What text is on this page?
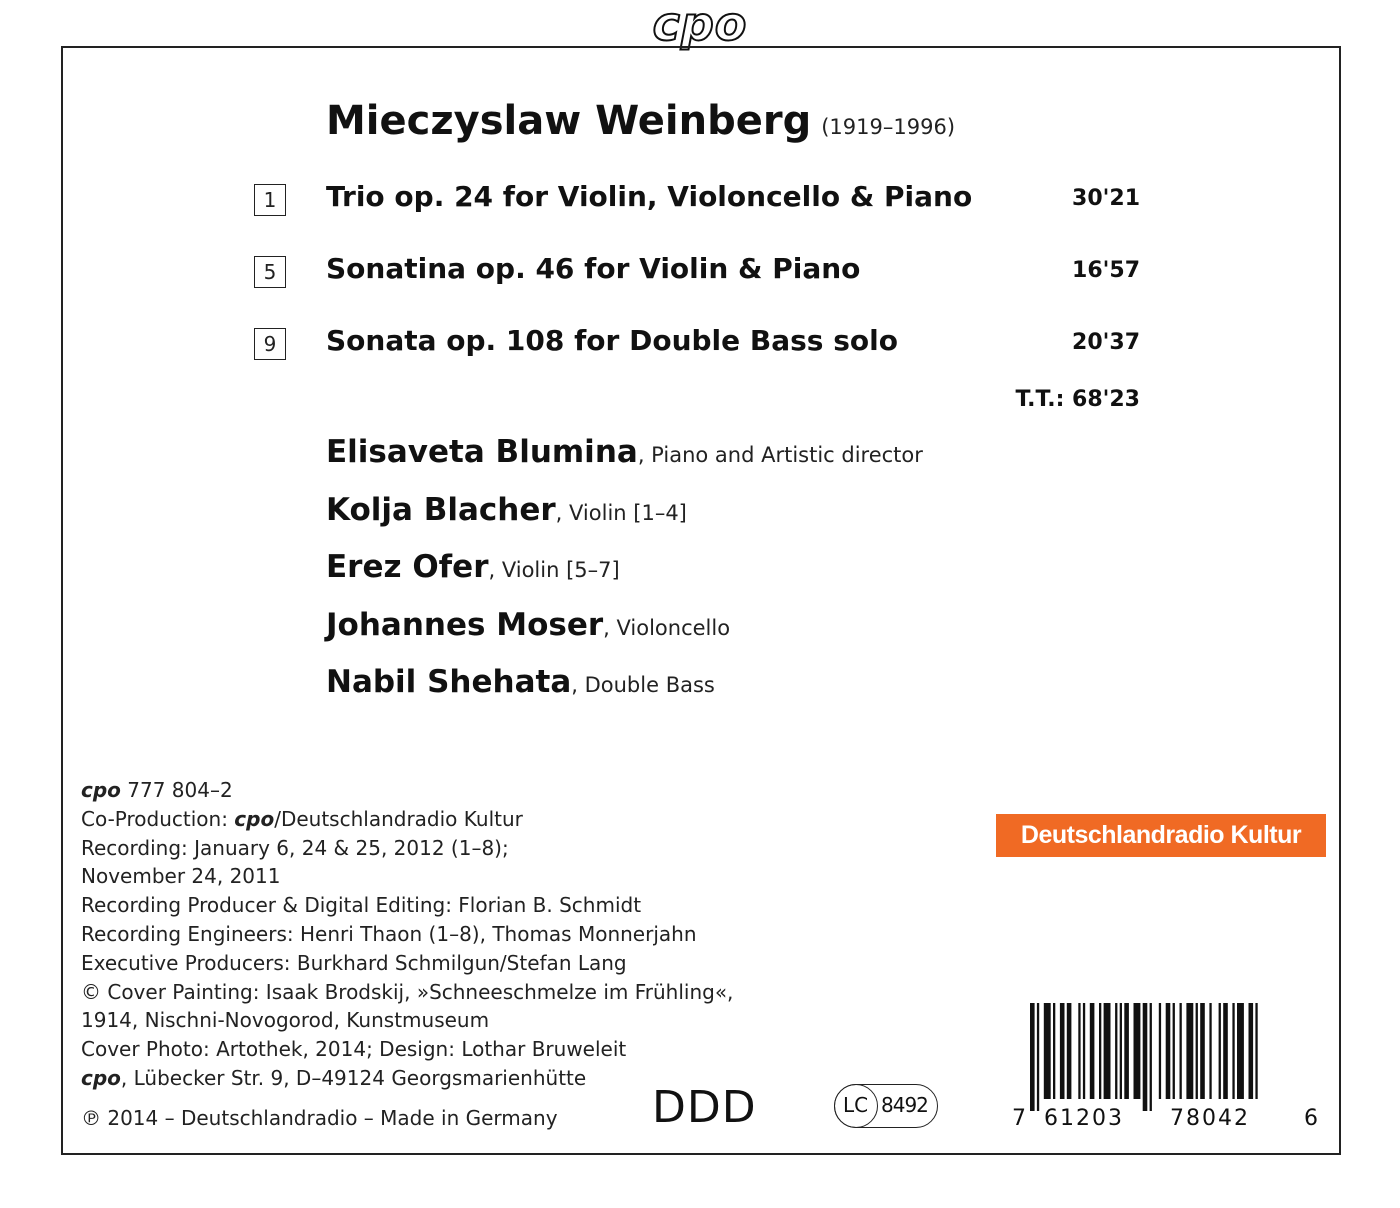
cpo
Mieczyslaw Weinberg (1919–1996)
1	Trio op. 24 for Violin, Violoncello & Piano	30'21
5	Sonatina op. 46 for Violin & Piano	16'57
9	Sonata op. 108 for Double Bass solo	20'37
T.T.: 68'23
Elisaveta Blumina, Piano and Artistic director
Kolja Blacher, Violin [1–4]
Erez Ofer, Violin [5–7]
Johannes Moser, Violoncello
Nabil Shehata, Double Bass
cpo 777 804–2
Co-Production: cpo/Deutschlandradio Kultur
Recording: January 6, 24 & 25, 2012 (1–8);
November 24, 2011
Recording Producer & Digital Editing: Florian B. Schmidt
Recording Engineers: Henri Thaon (1–8), Thomas Monnerjahn
Executive Producers: Burkhard Schmilgun/Stefan Lang
© Cover Painting: Isaak Brodskij, »Schneeschmelze im Frühling«,
1914, Nischni-Novogorod, Kunstmuseum
Cover Photo: Artothek, 2014; Design: Lothar Bruweleit
cpo, Lübecker Str. 9, D–49124 Georgsmarienhütte
℗ 2014 – Deutschlandradio – Made in Germany DDD	LC 8492
Deutschlandradio Kultur
7 61203 78042 6
